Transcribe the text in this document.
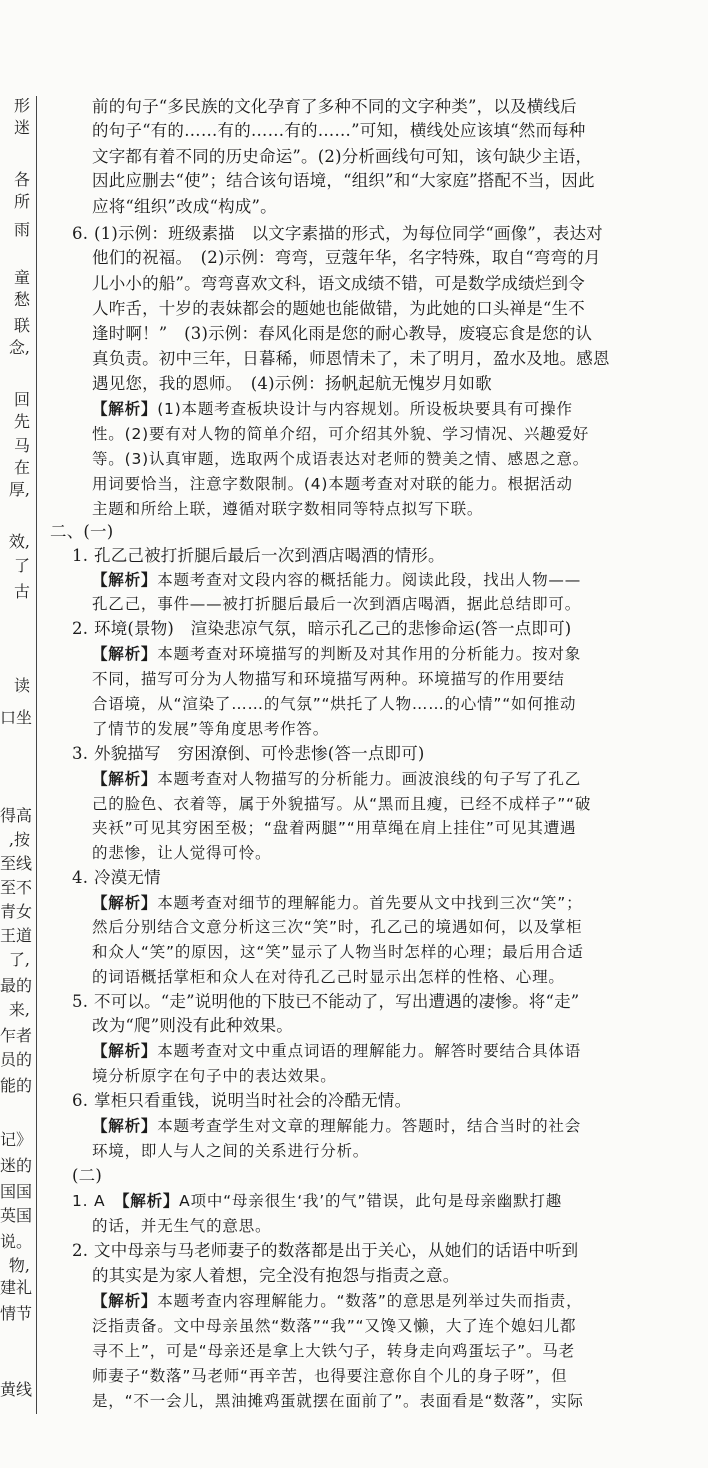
形
迷
各
所
雨
童
愁
联
念,
回
先
马
在
厚,
效,
了
古
读
口坐
得高
,按
至线
至不
青女
王道
了,
最的
来,
乍者
员的
能的
记》
迷的
国国
英国
说。
物,
建礼
情节
黄线
前的句子“多民族的文化孕育了多种不同的文字种类”，以及横线后
的句子“有的……有的……有的……”可知，横线处应该填“然而每种
文字都有着不同的历史命运”。(2)分析画线句可知，该句缺少主语，
因此应删去“使”；结合该句语境，“组织”和“大家庭”搭配不当，因此
应将“组织”改成“构成”。
6. (1)示例：班级素描　以文字素描的形式，为每位同学“画像”，表达对
他们的祝福。　(2)示例：弯弯，豆蔻年华，名字特殊，取自“弯弯的月
儿小小的船”。弯弯喜欢文科，语文成绩不错，可是数学成绩烂到令
人咋舌，十岁的表妹都会的题她也能做错，为此她的口头禅是“生不
逢时啊！”　(3)示例：春风化雨是您的耐心教导，废寝忘食是您的认
真负责。初中三年，日暮稀，师恩情未了，未了明月，盈水及地。感恩
遇见您，我的恩师。　(4)示例：扬帆起航无愧岁月如歌
【解析】(1)本题考查板块设计与内容规划。所设板块要具有可操作
性。(2)要有对人物的简单介绍，可介绍其外貌、学习情况、兴趣爱好
等。(3)认真审题，选取两个成语表达对老师的赞美之情、感恩之意。
用词要恰当，注意字数限制。(4)本题考查对对联的能力。根据活动
主题和所给上联，遵循对联字数相同等特点拟写下联。
二、(一)
1. 孔乙己被打折腿后最后一次到酒店喝酒的情形。
【解析】本题考查对文段内容的概括能力。阅读此段，找出人物——
孔乙己，事件——被打折腿后最后一次到酒店喝酒，据此总结即可。
2. 环境(景物)　渲染悲凉气氛，暗示孔乙己的悲惨命运(答一点即可)
【解析】本题考查对环境描写的判断及对其作用的分析能力。按对象
不同，描写可分为人物描写和环境描写两种。环境描写的作用要结
合语境，从“渲染了……的气氛”“烘托了人物……的心情”“如何推动
了情节的发展”等角度思考作答。
3. 外貌描写　穷困潦倒、可怜悲惨(答一点即可)
【解析】本题考查对人物描写的分析能力。画波浪线的句子写了孔乙
己的脸色、衣着等，属于外貌描写。从“黑而且瘦，已经不成样子”“破
夹袄”可见其穷困至极；“盘着两腿”“用草绳在肩上挂住”可见其遭遇
的悲惨，让人觉得可怜。
4. 冷漠无情
【解析】本题考查对细节的理解能力。首先要从文中找到三次“笑”；
然后分别结合文意分析这三次“笑”时，孔乙己的境遇如何，以及掌柜
和众人“笑”的原因，这“笑”显示了人物当时怎样的心理；最后用合适
的词语概括掌柜和众人在对待孔乙己时显示出怎样的性格、心理。
5. 不可以。“走”说明他的下肢已不能动了，写出遭遇的凄惨。将“走”
改为“爬”则没有此种效果。
【解析】本题考查对文中重点词语的理解能力。解答时要结合具体语
境分析原字在句子中的表达效果。
6. 掌柜只看重钱，说明当时社会的冷酷无情。
【解析】本题考查学生对文章的理解能力。答题时，结合当时的社会
环境，即人与人之间的关系进行分析。
(二)
1. A　【解析】A项中“母亲很生‘我’的气”错误，此句是母亲幽默打趣
的话，并无生气的意思。
2. 文中母亲与马老师妻子的数落都是出于关心，从她们的话语中听到
的其实是为家人着想，完全没有抱怨与指责之意。
【解析】本题考查内容理解能力。“数落”的意思是列举过失而指责，
泛指责备。文中母亲虽然“数落”“我”“又馋又懒，大了连个媳妇儿都
寻不上”，可是“母亲还是拿上大铁勺子，转身走向鸡蛋坛子”。马老
师妻子“数落”马老师“再辛苦，也得要注意你自个儿的身子呀”，但
是，“不一会儿，黑油摊鸡蛋就摆在面前了”。表面看是“数落”，实际
